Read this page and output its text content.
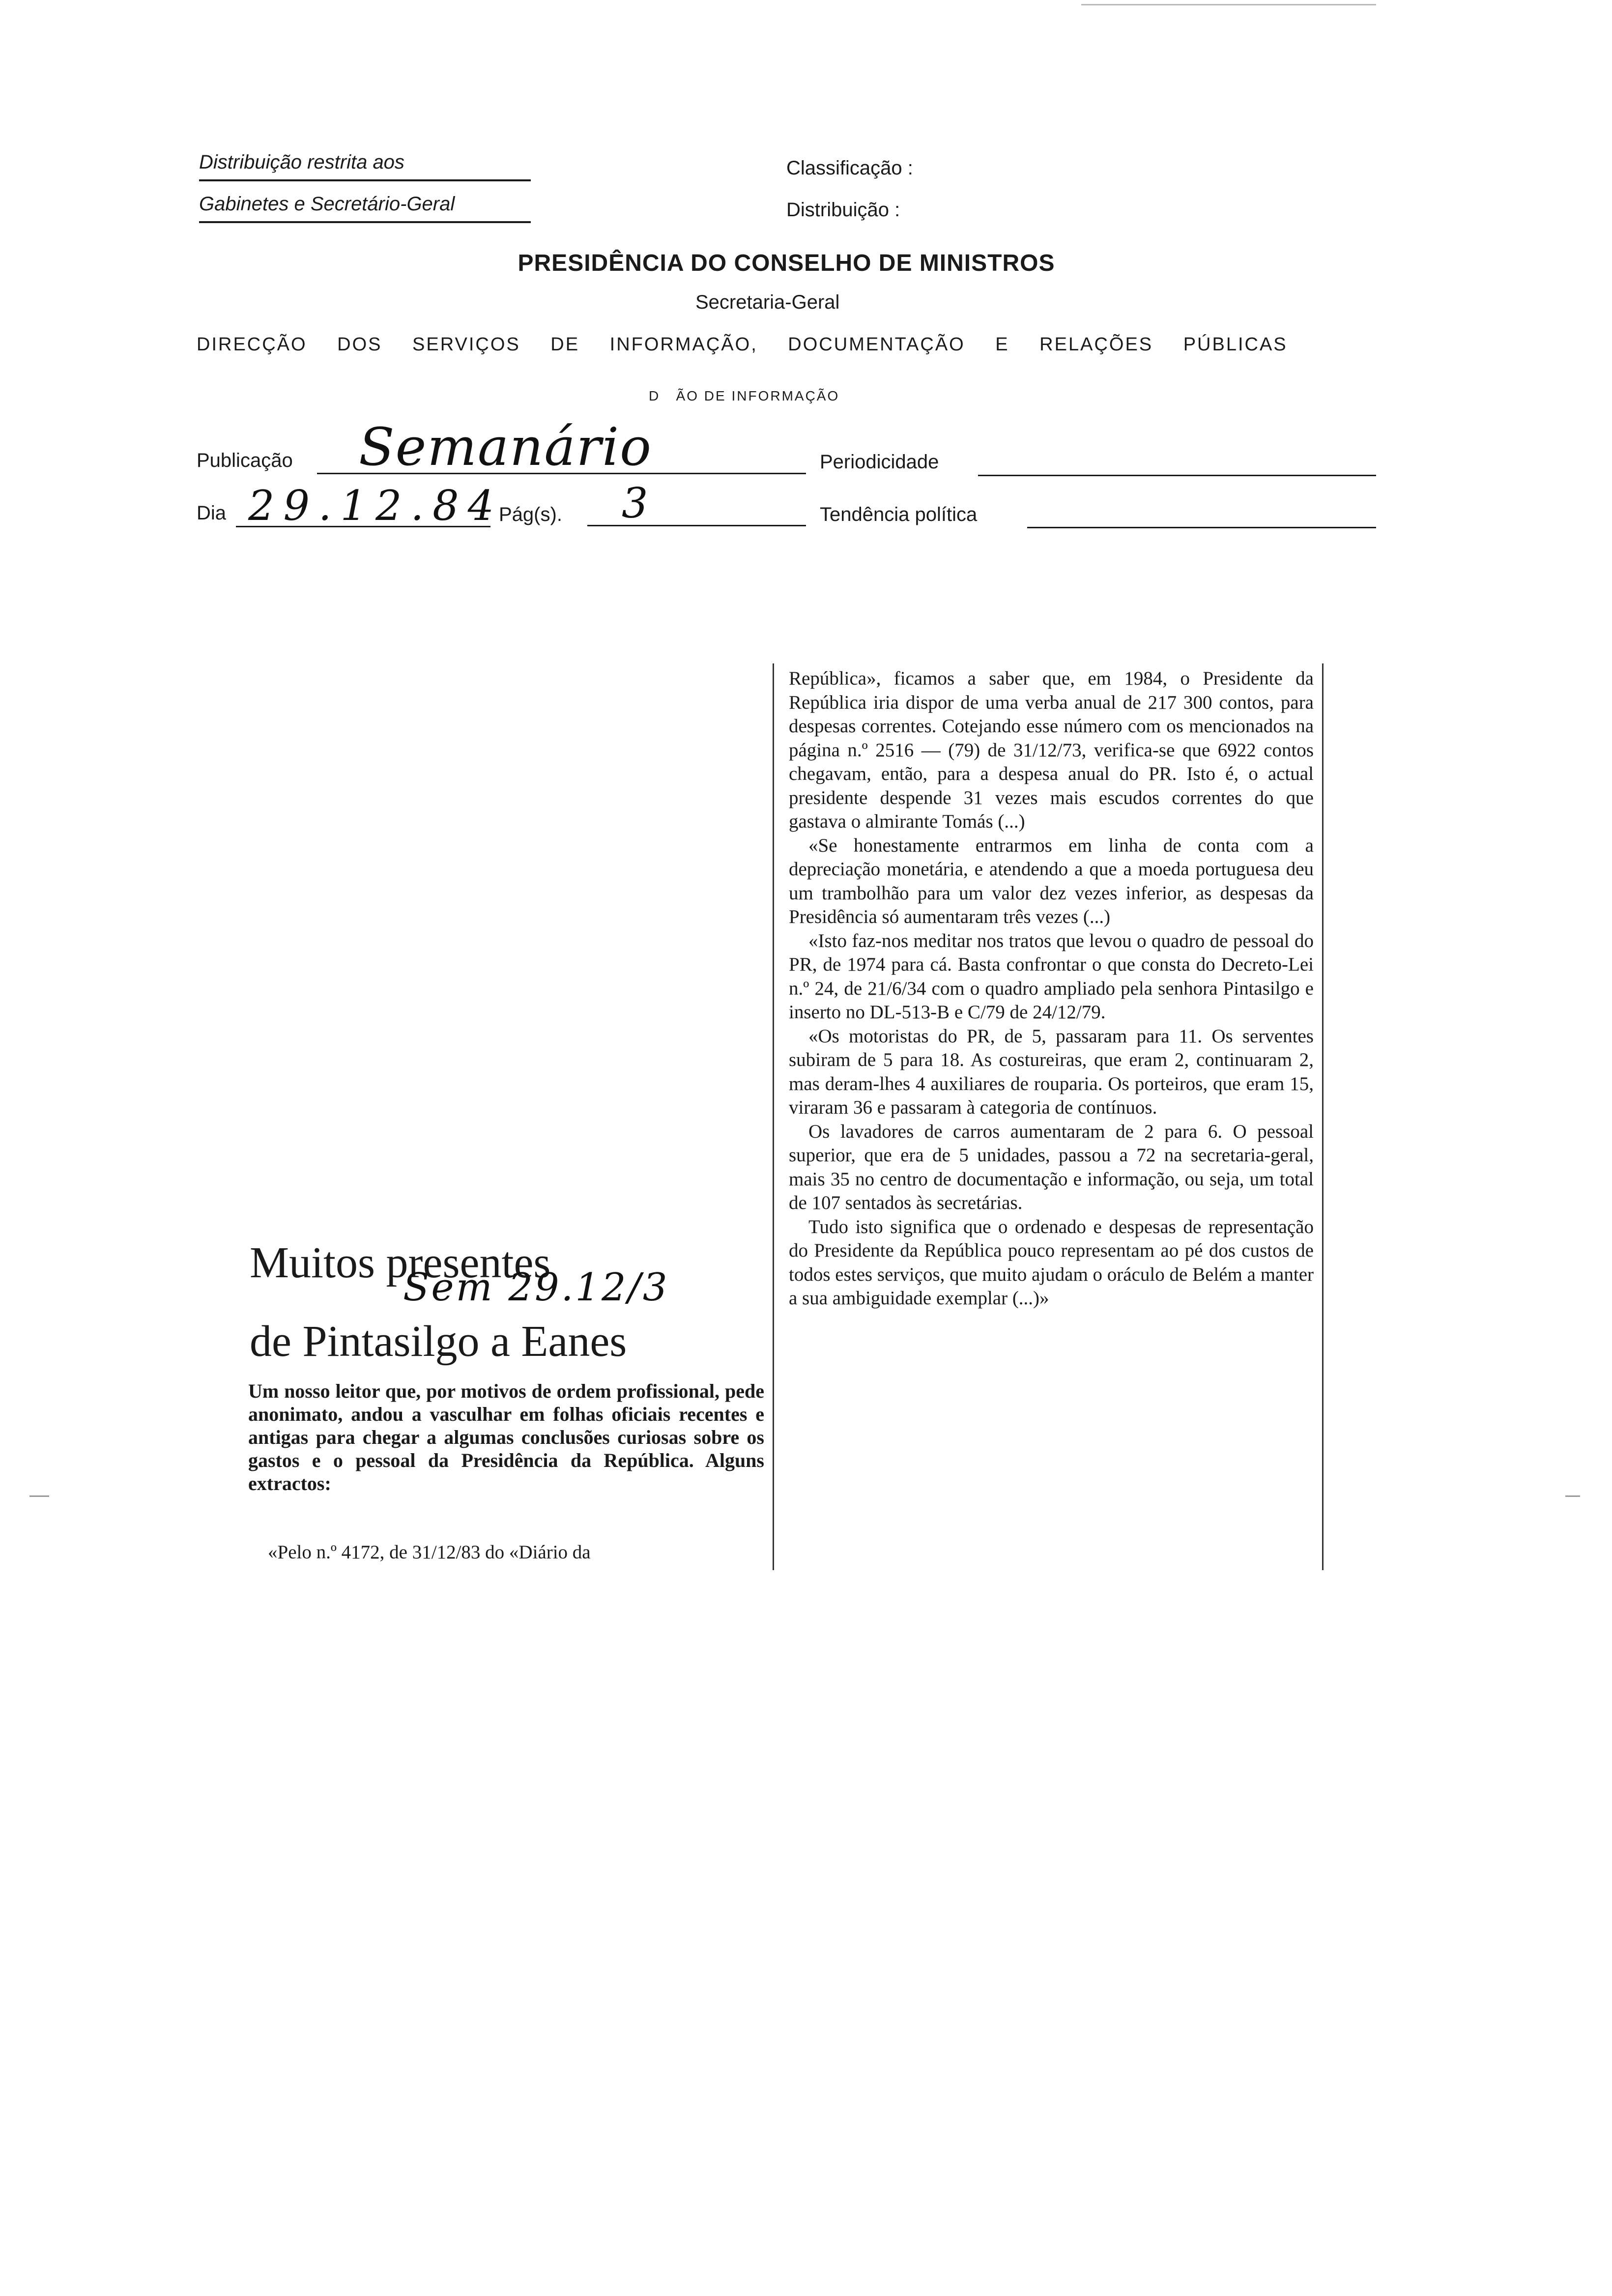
Distribuição restrita aos
Gabinetes e Secretário-Geral
Classificação :
Distribuição :
PRESIDÊNCIA DO CONSELHO DE MINISTROS
Secretaria-Geral
DIRECÇÃO DOS SERVIÇOS DE INFORMAÇÃO, DOCUMENTAÇÃO E RELAÇÕES PÚBLICAS
D   ÃO DE INFORMAÇÃO
Publicação Semanário	Periodicidade
Dia 29.12.84
Pág(s). 3	Tendência política
Muitos presentes
Sem 29.12/3
de Pintasilgo a Eanes
Um nosso leitor que, por motivos de ordem profissional, pede anonimato, andou a vasculhar em folhas oficiais recentes e antigas para chegar a algumas conclusões curiosas sobre os gastos e o pessoal da Presidência da República. Alguns extractos:
«Pelo n.º 4172, de 31/12/83 do «Diário da

República», ficamos a saber que, em 1984, o Presidente da República iria dispor de uma verba anual de 217 300 contos, para despesas correntes. Cotejando esse número com os mencionados na página n.º 2516 — (79) de 31/12/73, verifica-se que 6922 contos chegavam, então, para a despesa anual do PR. Isto é, o actual presidente despende 31 vezes mais escudos correntes do que gastava o almirante Tomás (...)

«Se honestamente entrarmos em linha de conta com a depreciação monetária, e atendendo a que a moeda portuguesa deu um trambolhão para um valor dez vezes inferior, as despesas da Presidência só aumentaram três vezes (...)

«Isto faz-nos meditar nos tratos que levou o quadro de pessoal do PR, de 1974 para cá. Basta confrontar o que consta do Decreto-Lei n.º 24, de 21/6/34 com o quadro ampliado pela senhora Pintasilgo e inserto no DL-513-B e C/79 de 24/12/79.

«Os motoristas do PR, de 5, passaram para 11. Os serventes subiram de 5 para 18. As costureiras, que eram 2, continuaram 2, mas deram-lhes 4 auxiliares de rouparia. Os porteiros, que eram 15, viraram 36 e passaram à categoria de contínuos.

Os lavadores de carros aumentaram de 2 para 6. O pessoal superior, que era de 5 unidades, passou a 72 na secretaria-geral, mais 35 no centro de documentação e informação, ou seja, um total de 107 sentados às secretárias.

Tudo isto significa que o ordenado e despesas de representação do Presidente da República pouco representam ao pé dos custos de todos estes serviços, que muito ajudam o oráculo de Belém a manter a sua ambiguidade exemplar (...)»
